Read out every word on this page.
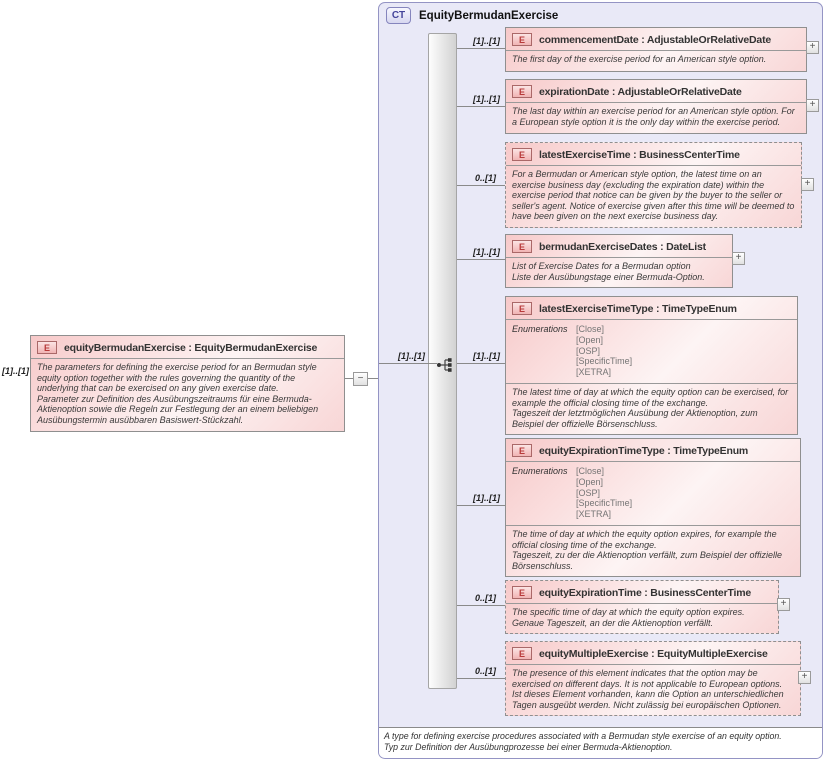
A type for defining exercise procedures associated with a Bermudan style exercise of an equity option.
Typ zur Definition der Ausübungprozesse bei einer Bermuda-Aktienoption.
CT	EquityBermudanExercise
[1]..[1]
[1]..[1]
[1]..[1]
[1]..[1]
0..[1]
[1]..[1]
[1]..[1]
[1]..[1]
0..[1]
0..[1]
E	equityBermudanExercise : EquityBermudanExercise
The parameters for defining the exercise period for an Bermudan style equity option together with the rules governing the quantity of the underlying that can be exercised on any given exercise date.
Parameter zur Definition des Ausübungszeitraums für eine Bermuda-Aktienoption sowie die Regeln zur Festlegung der an einem beliebigen Ausübungstermin ausübbaren Basiswert-Stückzahl.
−
E	commencementDate : AdjustableOrRelativeDate
The first day of the exercise period for an American style option.
E	expirationDate : AdjustableOrRelativeDate
The last day within an exercise period for an American style option. For a European style option it is the only day within the exercise period.
E	latestExerciseTime : BusinessCenterTime
For a Bermudan or American style option, the latest time on an exercise business day (excluding the expiration date) within the exercise period that notice can be given by the buyer to the seller or seller's agent. Notice of exercise given after this time will be deemed to have been given on the next exercise business day.
E	bermudanExerciseDates : DateList
List of Exercise Dates for a Bermudan option
Liste der Ausübungstage einer Bermuda-Option.
E	latestExerciseTimeType : TimeTypeEnum
Enumerations [Close]
[Open]
[OSP]
[SpecificTime]
[XETRA]
The latest time of day at which the equity option can be exercised, for example the official closing time of the exchange.
Tageszeit der letztmöglichen Ausübung der Aktienoption, zum Beispiel der offizielle Börsenschluss.
E	equityExpirationTimeType : TimeTypeEnum
Enumerations [Close]
[Open]
[OSP]
[SpecificTime]
[XETRA]
The time of day at which the equity option expires, for example the official closing time of the exchange.
Tageszeit, zu der die Aktienoption verfällt, zum Beispiel der offizielle Börsenschluss.
E	equityExpirationTime : BusinessCenterTime
The specific time of day at which the equity option expires.
Genaue Tageszeit, an der die Aktienoption verfällt.
E	equityMultipleExercise : EquityMultipleExercise
The presence of this element indicates that the option may be exercised on different days. It is not applicable to European options.
Ist dieses Element vorhanden, kann die Option an unterschiedlichen Tagen ausgeübt werden. Nicht zulässig bei europäischen Optionen.
+
+
+
+
+
+
